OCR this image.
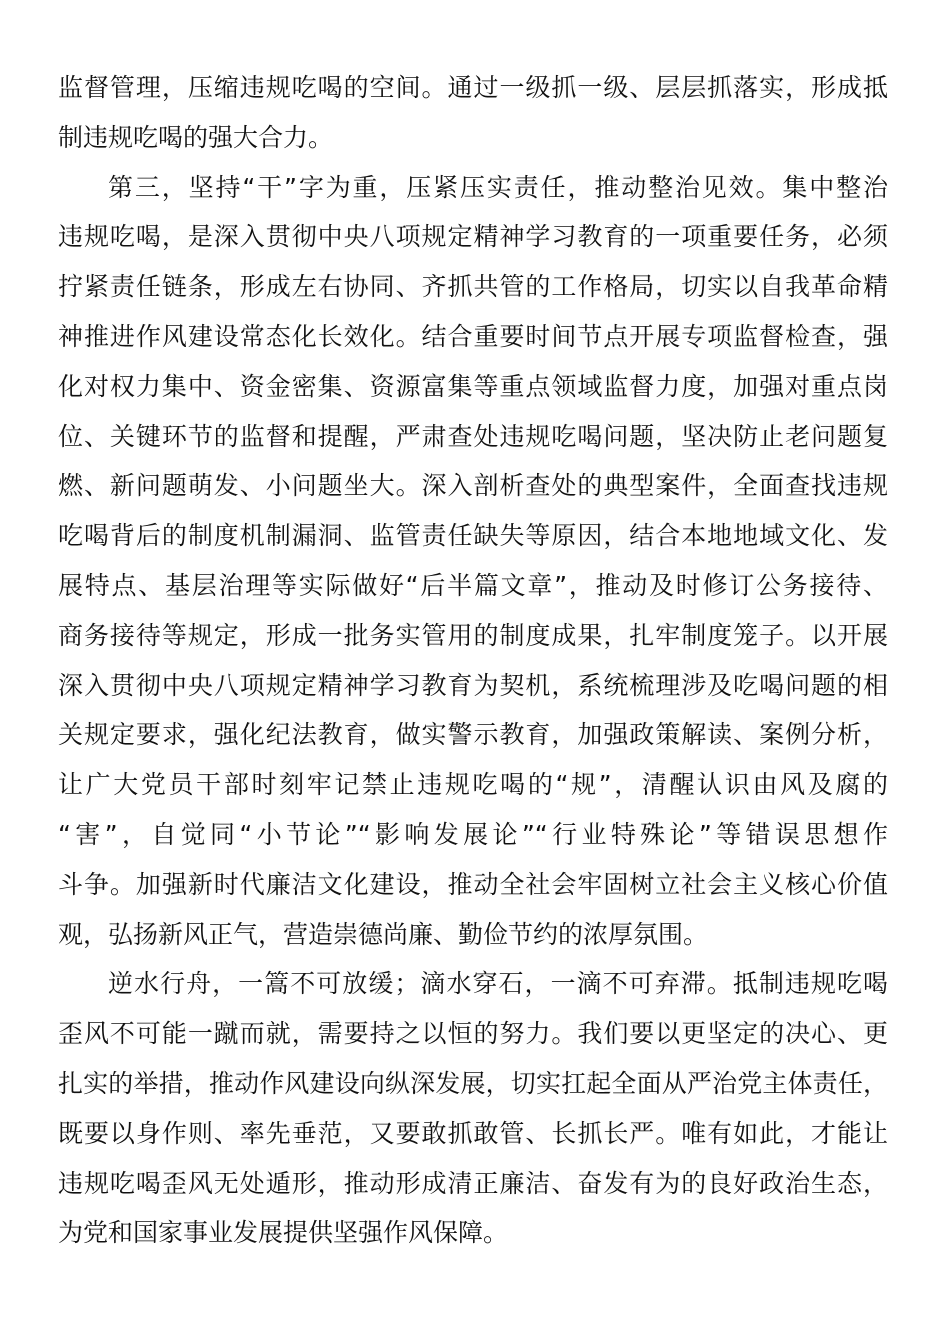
监督管理，压缩违规吃喝的空间。通过一级抓一级、层层抓落实，形成抵
制违规吃喝的强大合力。
第三，坚持“干”字为重，压紧压实责任，推动整治见效。集中整治
违规吃喝，是深入贯彻中央八项规定精神学习教育的一项重要任务，必须
拧紧责任链条，形成左右协同、齐抓共管的工作格局，切实以自我革命精
神推进作风建设常态化长效化。结合重要时间节点开展专项监督检查，强
化对权力集中、资金密集、资源富集等重点领域监督力度，加强对重点岗
位、关键环节的监督和提醒，严肃查处违规吃喝问题，坚决防止老问题复
燃、新问题萌发、小问题坐大。深入剖析查处的典型案件，全面查找违规
吃喝背后的制度机制漏洞、监管责任缺失等原因，结合本地地域文化、发
展特点、基层治理等实际做好“后半篇文章”，推动及时修订公务接待、
商务接待等规定，形成一批务实管用的制度成果，扎牢制度笼子。以开展
深入贯彻中央八项规定精神学习教育为契机，系统梳理涉及吃喝问题的相
关规定要求，强化纪法教育，做实警示教育，加强政策解读、案例分析，
让广大党员干部时刻牢记禁止违规吃喝的“规”，清醒认识由风及腐的
“害”，自觉同“小节论”“影响发展论”“行业特殊论”等错误思想作
斗争。加强新时代廉洁文化建设，推动全社会牢固树立社会主义核心价值
观，弘扬新风正气，营造崇德尚廉、勤俭节约的浓厚氛围。
逆水行舟，一篙不可放缓；滴水穿石，一滴不可弃滞。抵制违规吃喝
歪风不可能一蹴而就，需要持之以恒的努力。我们要以更坚定的决心、更
扎实的举措，推动作风建设向纵深发展，切实扛起全面从严治党主体责任，
既要以身作则、率先垂范，又要敢抓敢管、长抓长严。唯有如此，才能让
违规吃喝歪风无处遁形，推动形成清正廉洁、奋发有为的良好政治生态，
为党和国家事业发展提供坚强作风保障。
